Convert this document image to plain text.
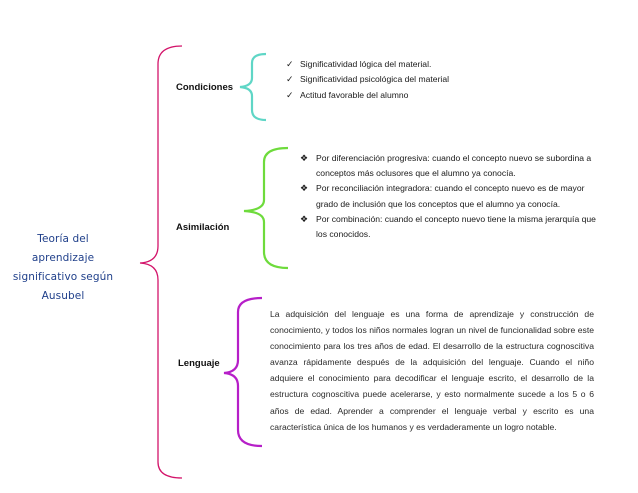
Teoría del
aprendizaje
significativo según
Ausubel
Condiciones
Asimilación
Lenguaje
✓ Significatividad lógica del material.
✓ Significatividad psicológica del material
✓ Actitud favorable del alumno
❖ Por diferenciación progresiva: cuando el concepto nuevo se subordina a conceptos más oclusores que el alumno ya conocía.
❖ Por reconciliación integradora: cuando el concepto nuevo es de mayor grado de inclusión que los conceptos que el alumno ya conocía.
❖ Por combinación: cuando el concepto nuevo tiene la misma jerarquía que los conocidos.
La adquisición del lenguaje es una forma de aprendizaje y construcción de conocimiento, y todos los niños normales logran un nivel de funcionalidad sobre este conocimiento para los tres años de edad. El desarrollo de la estructura cognoscitiva avanza rápidamente después de la adquisición del lenguaje. Cuando el niño adquiere el conocimiento para decodificar el lenguaje escrito, el desarrollo de la estructura cognoscitiva puede acelerarse, y esto normalmente sucede a los 5 o 6 años de edad. Aprender a comprender el lenguaje verbal y escrito es una característica única de los humanos y es verdaderamente un logro notable.
